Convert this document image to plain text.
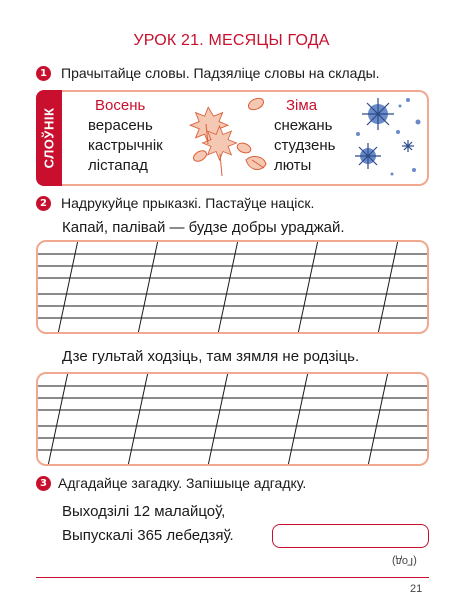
УРОК 21. МЕСЯЦЫ ГОДА
1 Прачытайце словы. Падзяліце словы на склады.
СЛОЎНІК
Восень
верасень
кастрычнік
лістапад
Зіма
снежань
студзень
люты
2 Надрукуйце прыказкі. Пастаўце націск.
Капай, палівай — будзе добры ураджай.
Дзе гультай ходзіць, там зямля не родзіць.
3 Адгадайце загадку. Запішыце адгадку.
Выходзілі 12 малайцоў,
Выпускалі 365 лебедзяў.
(Год)
21
